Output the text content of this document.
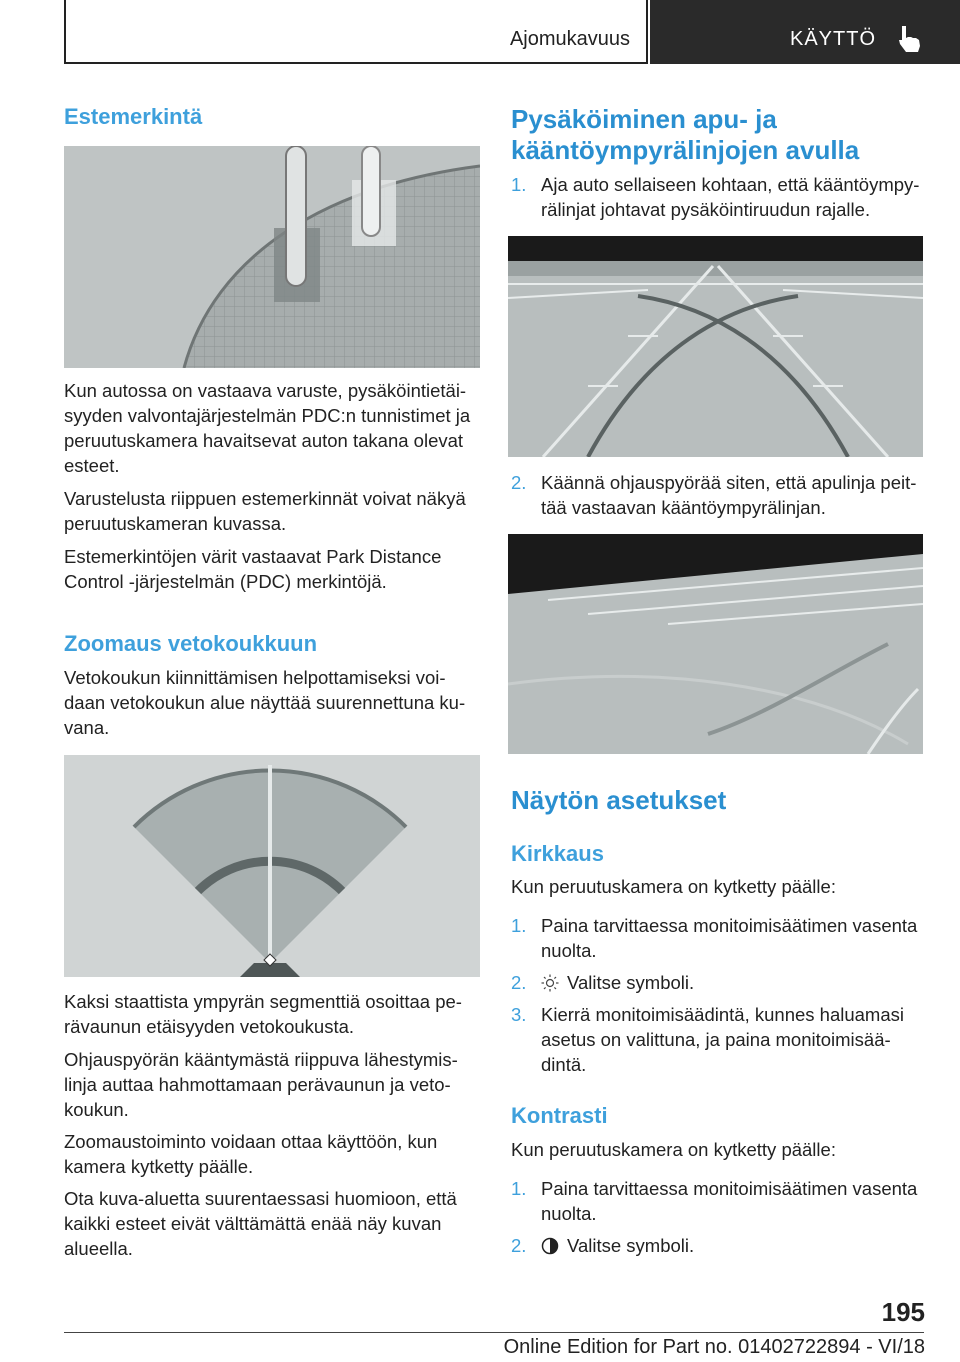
Ajomukavuus	KÄYTTÖ
Estemerkintä

Kun autossa on vastaava varuste, pysäköintietäi‐
syyden valvontajärjestelmän PDC:n tunnistimet ja
peruutuskamera havaitsevat auton takana olevat
esteet.

Varustelusta riippuen estemerkinnät voivat näkyä
peruutuskameran kuvassa.

Estemerkintöjen värit vastaavat Park Distance
Control -järjestelmän (PDC) merkintöjä.

Zoomaus vetokoukkuun

Vetokoukun kiinnittämisen helpottamiseksi voi‐
daan vetokoukun alue näyttää suurennettuna ku‐
vana.

Kaksi staattista ympyrän segmenttiä osoittaa pe‐
rävaunun etäisyyden vetokoukusta.

Ohjauspyörän kääntymästä riippuva lähestymis‐
linja auttaa hahmottamaan perävaunun ja veto‐
koukun.

Zoomaustoiminto voidaan ottaa käyttöön, kun
kamera kytketty päälle.

Ota kuva-aluetta suurentaessasi huomioon, että
kaikki esteet eivät välttämättä enää näy kuvan
alueella.

Pysäköiminen apu- ja
kääntöympyrälinjojen avulla
1. Aja auto sellaiseen kohtaan, että kääntöympy‐
rälinjat johtavat pysäköintiruudun rajalle.
2. Käännä ohjauspyörää siten, että apulinja peit‐
tää vastaavan kääntöympyrälinjan.
Näytön asetukset
Kirkkaus

Kun peruutuskamera on kytketty päälle:

1. Paina tarvittaessa monitoimisäätimen vasenta
nuolta.
2.	Valitse symboli.
3. Kierrä monitoimisäädintä, kunnes haluamasi
asetus on valittuna, ja paina monitoimisää‐
dintä.
Kontrasti

Kun peruutuskamera on kytketty päälle:

1. Paina tarvittaessa monitoimisäätimen vasenta
nuolta.
2.	Valitse symboli.
195
Online Edition for Part no. 01402722894 - VI/18
